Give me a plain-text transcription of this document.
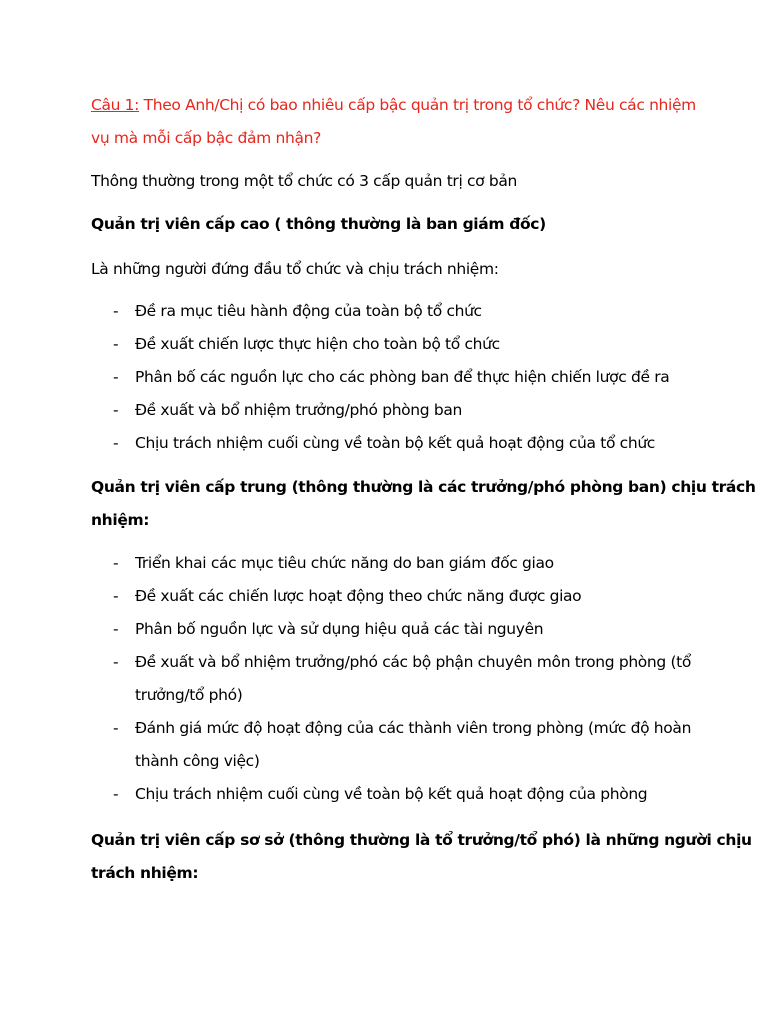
Câu 1: Theo Anh/Chị có bao nhiêu cấp bậc quản trị trong tổ chức? Nêu các nhiệm
vụ mà mỗi cấp bậc đảm nhận?

Thông thường trong một tổ chức có 3 cấp quản trị cơ bản

Quản trị viên cấp cao ( thông thường là ban giám đốc)

Là những người đứng đầu tổ chức và chịu trách nhiệm:

- Đề ra mục tiêu hành động của toàn bộ tổ chức
- Đề xuất chiến lược thực hiện cho toàn bộ tổ chức
- Phân bố các nguồn lực cho các phòng ban để thực hiện chiến lược đề ra
- Đề xuất và bổ nhiệm trưởng/phó phòng ban
- Chịu trách nhiệm cuối cùng về toàn bộ kết quả hoạt động của tổ chức
Quản trị viên cấp trung (thông thường là các trưởng/phó phòng ban) chịu trách
nhiệm:
- Triển khai các mục tiêu chức năng do ban giám đốc giao
- Đề xuất các chiến lược hoạt động theo chức năng được giao
- Phân bố nguồn lực và sử dụng hiệu quả các tài nguyên
- Đề xuất và bổ nhiệm trưởng/phó các bộ phận chuyên môn trong phòng (tổ
trưởng/tổ phó)
- Đánh giá mức độ hoạt động của các thành viên trong phòng (mức độ hoàn
thành công việc)
- Chịu trách nhiệm cuối cùng về toàn bộ kết quả hoạt động của phòng
Quản trị viên cấp sơ sở (thông thường là tổ trưởng/tổ phó) là những người chịu
trách nhiệm:
